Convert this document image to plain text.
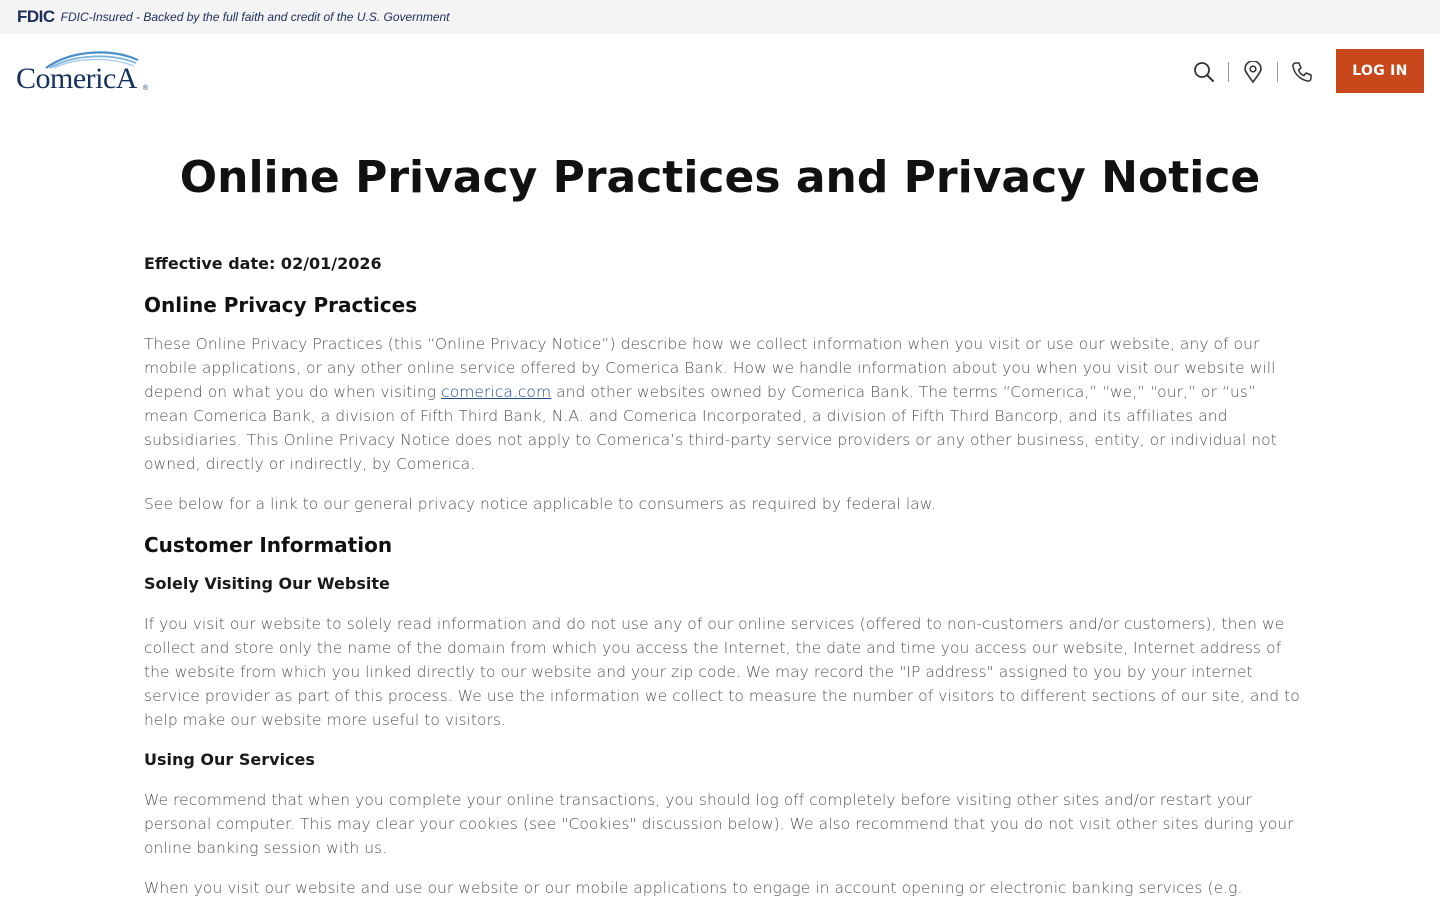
FDIC FDIC-Insured - Backed by the full faith and credit of the U.S. Government
ComericA ®
LOG IN
Online Privacy Practices and Privacy Notice
Effective date: 02/01/2026
Online Privacy Practices

These Online Privacy Practices (this “Online Privacy Notice”) describe how we collect information when you visit or use our website, any of our mobile applications, or any other online service offered by Comerica Bank. How we handle information about you when you visit our website will depend on what you do when visiting comerica.com and other websites owned by Comerica Bank. The terms “Comerica,” “we,” “our,” or “us” mean Comerica Bank, a division of Fifth Third Bank, N.A. and Comerica Incorporated, a division of Fifth Third Bancorp, and its affiliates and subsidiaries. This Online Privacy Notice does not apply to Comerica’s third-party service providers or any other business, entity, or individual not owned, directly or indirectly, by Comerica.

See below for a link to our general privacy notice applicable to consumers as required by federal law.

Customer Information
Solely Visiting Our Website

If you visit our website to solely read information and do not use any of our online services (offered to non-customers and/or customers), then we collect and store only the name of the domain from which you access the Internet, the date and time you access our website, Internet address of the website from which you linked directly to our website and your zip code. We may record the "IP address" assigned to you by your internet service provider as part of this process. We use the information we collect to measure the number of visitors to different sections of our site, and to help make our website more useful to visitors.

Using Our Services

We recommend that when you complete your online transactions, you should log off completely before visiting other sites and/or restart your personal computer. This may clear your cookies (see "Cookies" discussion below). We also recommend that you do not visit other sites during your online banking session with us.

When you visit our website and use our website or our mobile applications to engage in account opening or electronic banking services (e.g.
